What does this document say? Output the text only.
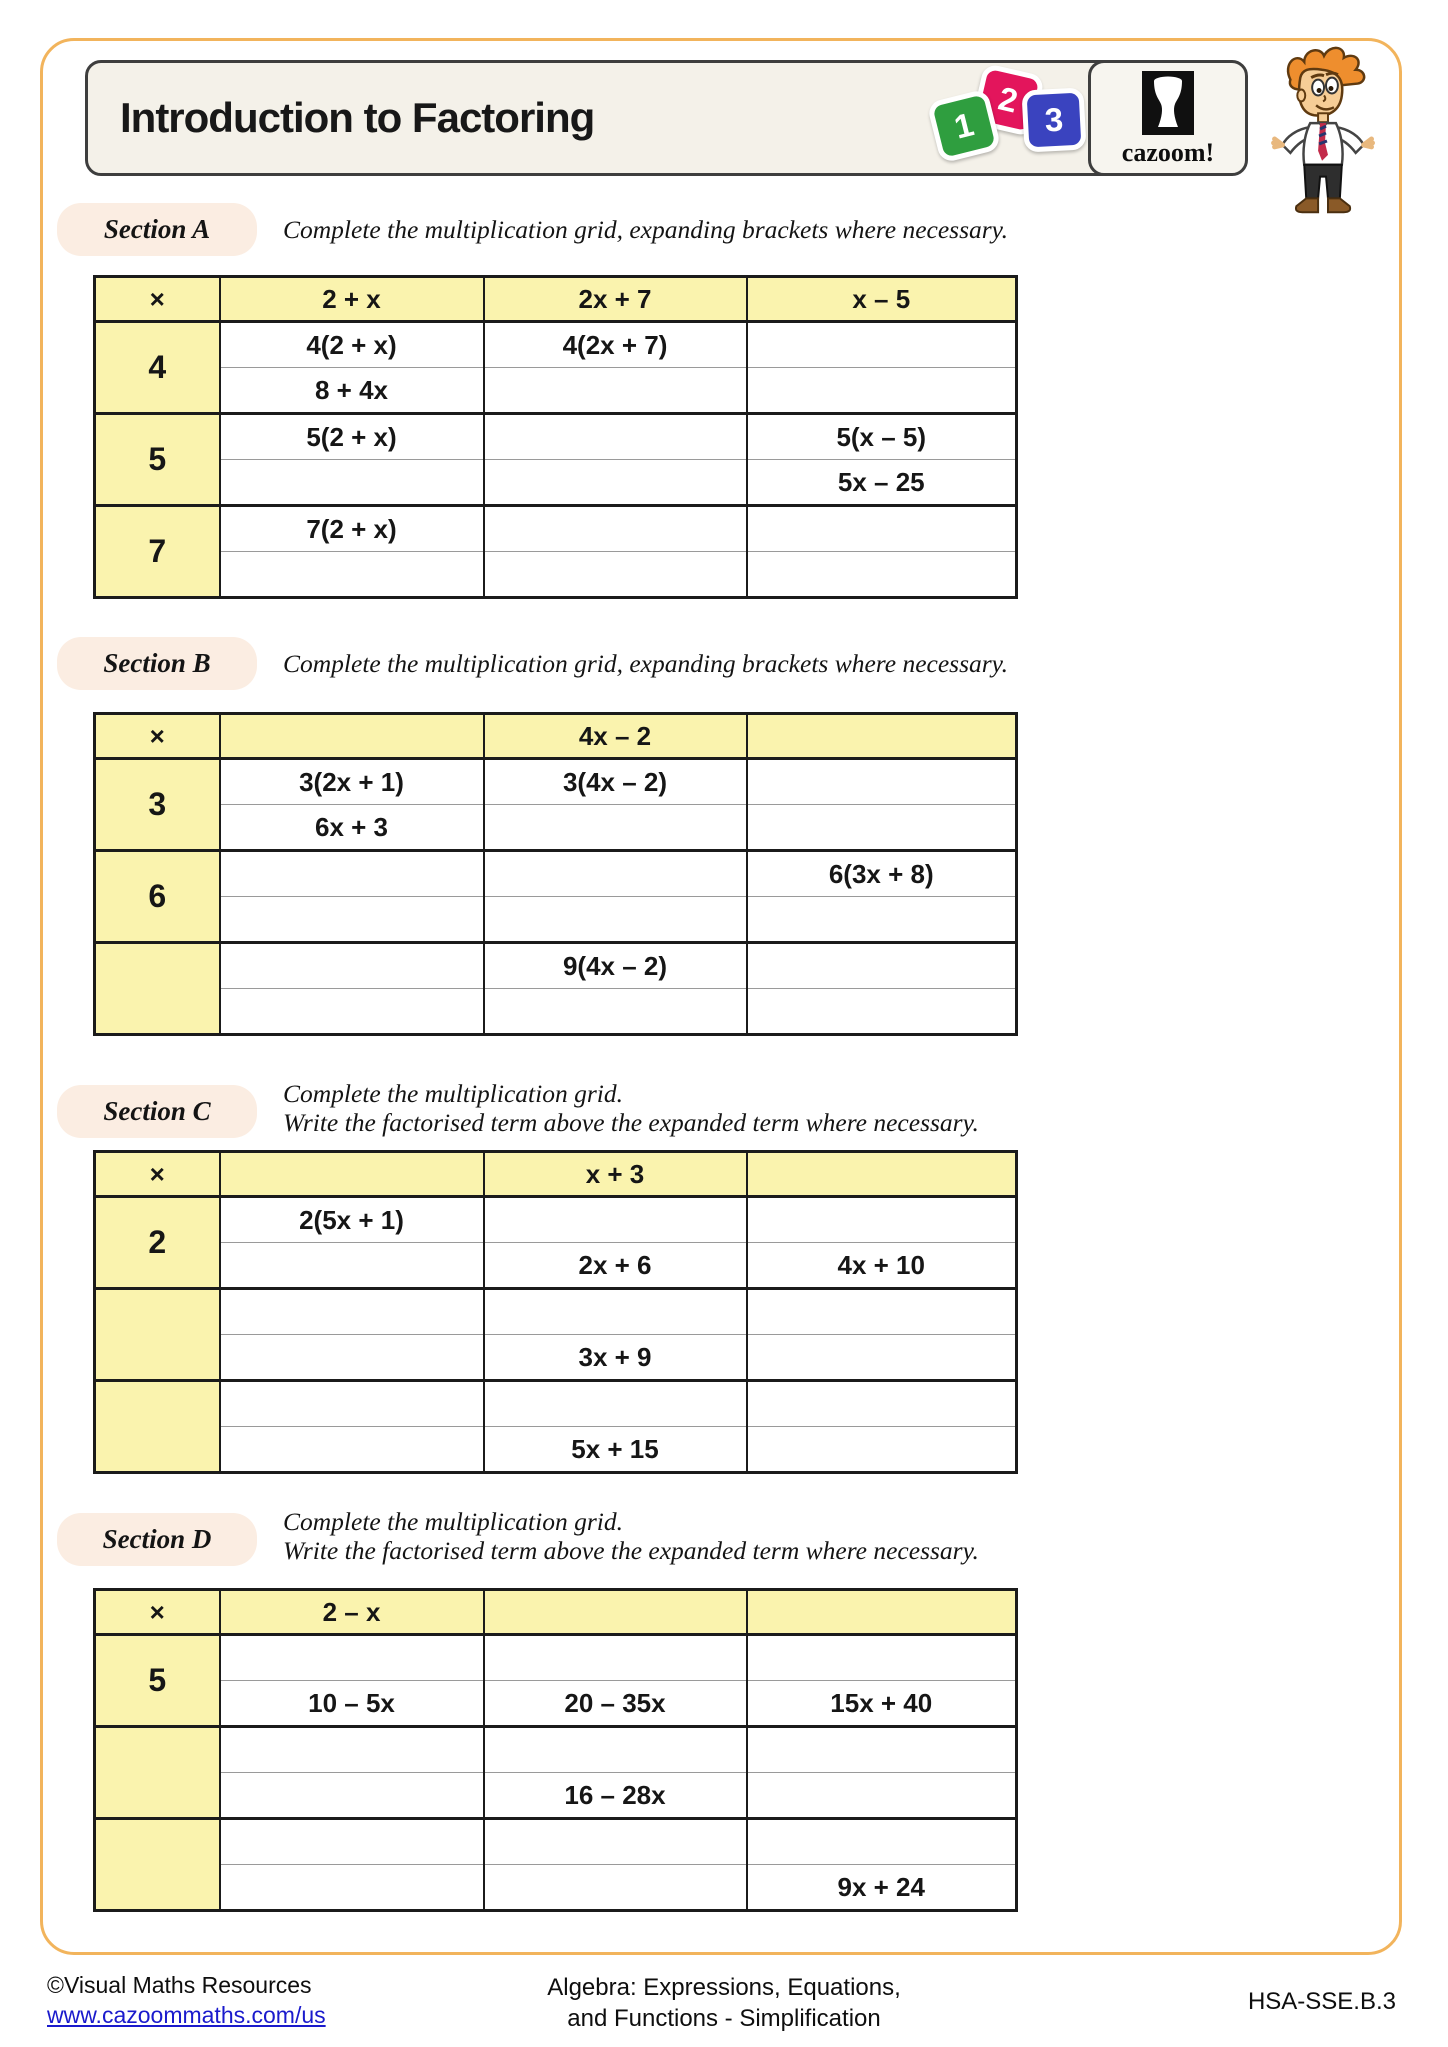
Introduction to Factoring	1
2 3
cazoom!
Section A	Complete the multiplication grid, expanding brackets where necessary.
×	2 + x	2x + 7	x – 5
4	4(2 + x)	4(2x + 7)	
	8 + 4x		
5	5(2 + x)		5(x – 5)
			5x – 25
7	7(2 + x)		

Section B	Complete the multiplication grid, expanding brackets where necessary.
×		4x – 2	
3	3(2x + 1)	3(4x – 2)	
	6x + 3		
6			6(3x + 8)

		9(4x – 2)	

Section C
Complete the multiplication grid.
Write the factorised term above the expanded term where necessary.
×		x + 3	
2	2(5x + 1)		
		2x + 6	4x + 10

		3x + 9	

		5x + 15	
Section D
Complete the multiplication grid.
Write the factorised term above the expanded term where necessary.
×	2 – x		
5			
	10 – 5x	20 – 35x	15x + 40

		16 – 28x	

			9x + 24
©Visual Maths Resources
www.cazoommaths.com/us
Algebra: Expressions, Equations,
and Functions - Simplification
HSA-SSE.B.3
